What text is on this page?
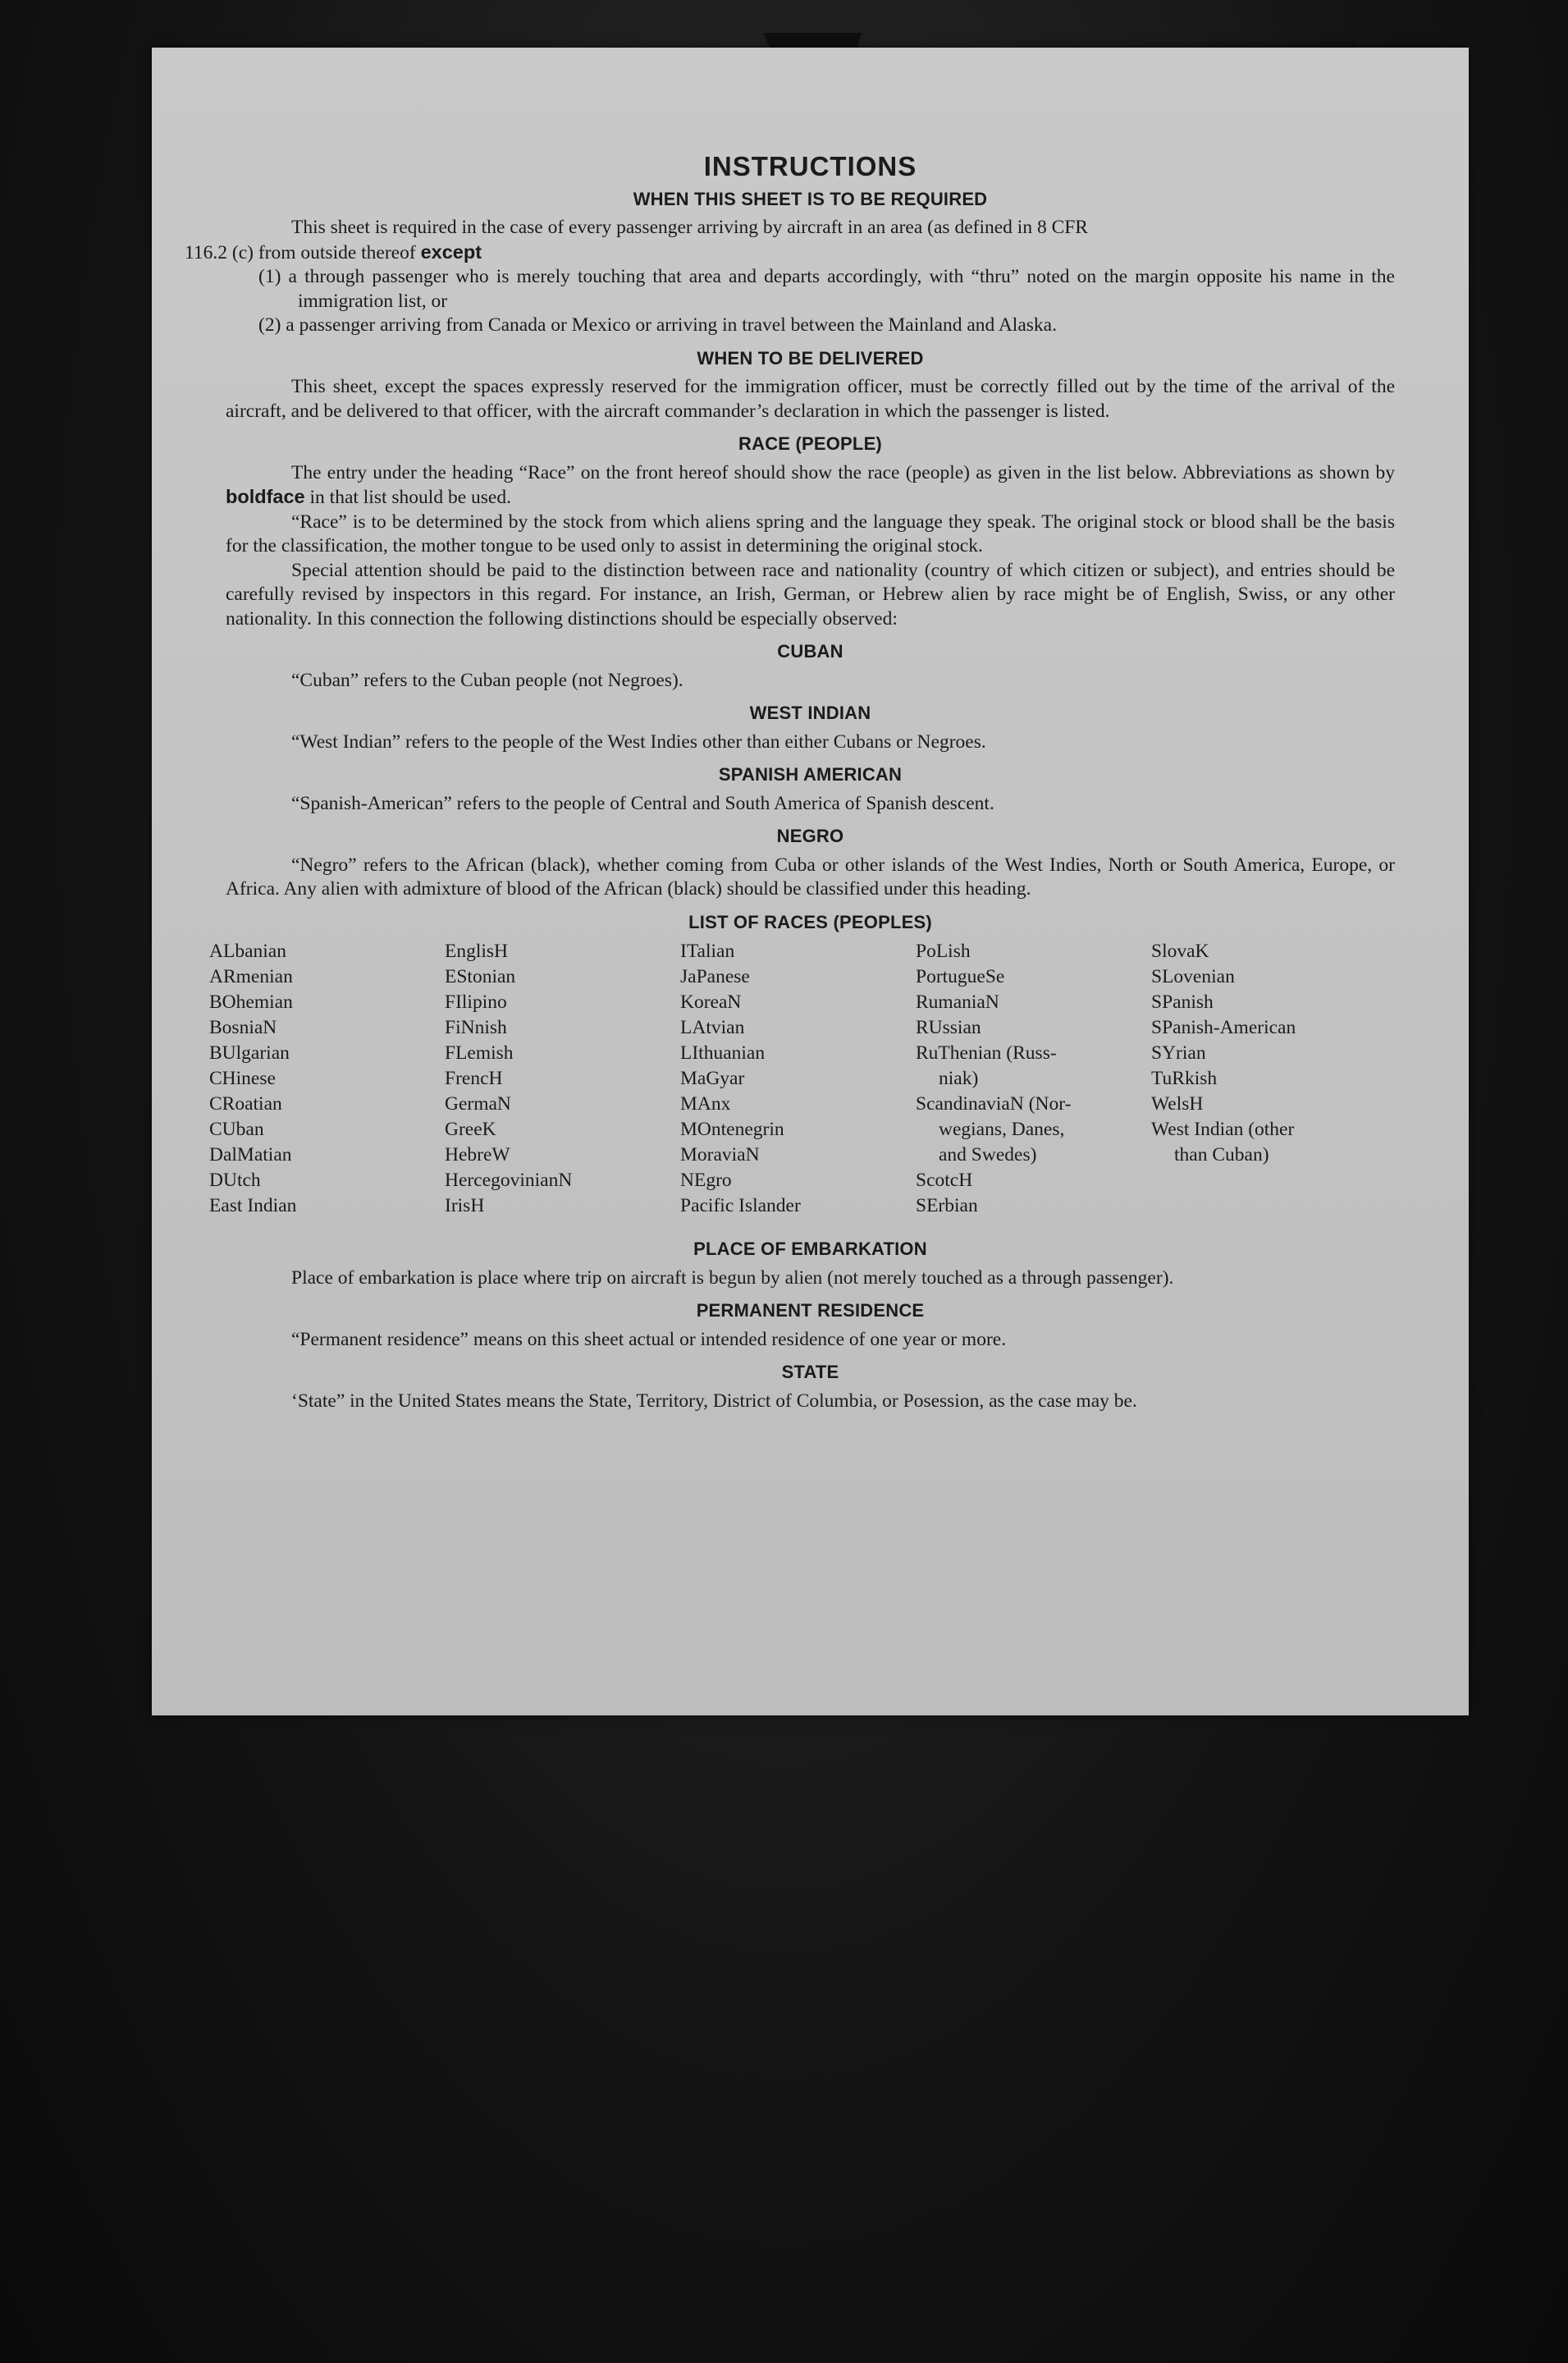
INSTRUCTIONS
WHEN THIS SHEET IS TO BE REQUIRED

This sheet is required in the case of every passenger arriving by aircraft in an area (as defined in 8 CFR

116.2 (c) from outside thereof except

(1) a through passenger who is merely touching that area and departs accordingly, with “thru” noted on the margin opposite his name in the immigration list, or

(2) a passenger arriving from Canada or Mexico or arriving in travel between the Mainland and Alaska.

WHEN TO BE DELIVERED

This sheet, except the spaces expressly reserved for the immigration officer, must be correctly filled out by the time of the arrival of the aircraft, and be delivered to that officer, with the aircraft commander’s declaration in which the passenger is listed.

RACE (PEOPLE)

The entry under the heading “Race” on the front hereof should show the race (people) as given in the list below. Abbreviations as shown by boldface in that list should be used.

“Race” is to be determined by the stock from which aliens spring and the language they speak. The original stock or blood shall be the basis for the classification, the mother tongue to be used only to assist in determining the original stock.

Special attention should be paid to the distinction between race and nationality (country of which citizen or subject), and entries should be carefully revised by inspectors in this regard. For instance, an Irish, German, or Hebrew alien by race might be of English, Swiss, or any other nationality. In this connection the following distinctions should be especially observed:

CUBAN

“Cuban” refers to the Cuban people (not Negroes).

WEST INDIAN

“West Indian” refers to the people of the West Indies other than either Cubans or Negroes.

SPANISH AMERICAN

“Spanish-American” refers to the people of Central and South America of Spanish descent.

NEGRO

“Negro” refers to the African (black), whether coming from Cuba or other islands of the West Indies, North or South America, Europe, or Africa. Any alien with admixture of blood of the African (black) should be classified under this heading.

LIST OF RACES (PEOPLES)
ALbanian
ARmenian
BOhemian
BosniaN
BUlgarian
CHinese
CRoatian
CUban
DalMatian
DUtch
East Indian
EnglisH
EStonian
FIlipino
FiNnish
FLemish
FrencH
GermaN
GreeK
HebreW
HercegovinianN
IrisH
ITalian
JaPanese
KoreaN
LAtvian
LIthuanian
MaGyar
MAnx
MOntenegrin
MoraviaN
NEgro
Pacific Islander
PoLish
PortugueSe
RumaniaN
RUssian
RuThenian (Russ-
niak)
ScandinaviaN (Nor-
wegians, Danes,
and Swedes)
ScotcH
SErbian
SlovaK
SLovenian
SPanish
SPanish-American
SYrian
TuRkish
WelsH
West Indian (other
than Cuban)
PLACE OF EMBARKATION

Place of embarkation is place where trip on aircraft is begun by alien (not merely touched as a through passenger).

PERMANENT RESIDENCE

“Permanent residence” means on this sheet actual or intended residence of one year or more.

STATE

‘State” in the United States means the State, Territory, District of Columbia, or Posession, as the case may be.
